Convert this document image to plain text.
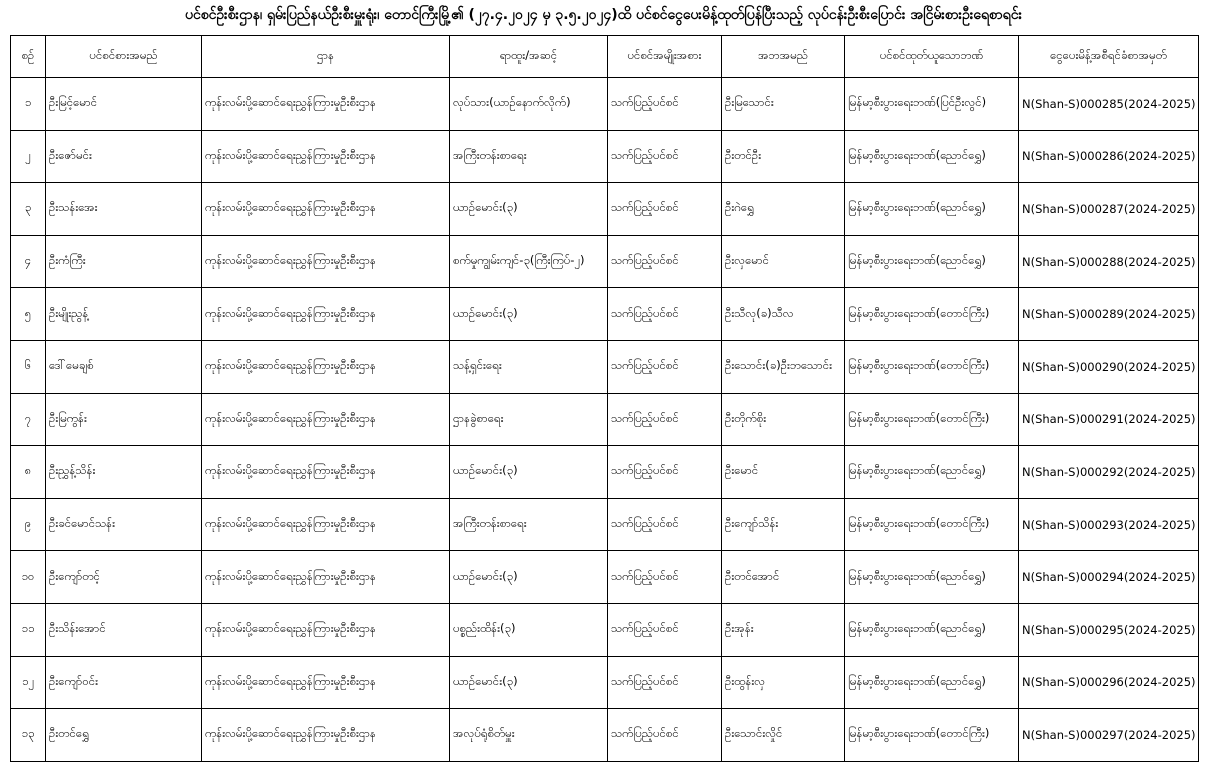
ပင်စင်ဦးစီးဌာန၊ ရှမ်းပြည်နယ်ဦးစီးမှူးရုံး၊ တောင်ကြီးမြို့၏ (၂၇.၄.၂၀၂၄ မှ ၃.၅.၂၀၂၄)ထိ ပင်စင်ငွေပေးမိန့်ထုတ်ပြန်ပြီးသည့် လုပ်ငန်းဦးစီးပြောင်း အငြိမ်းစားဦးရေစာရင်း
စဉ်	ပင်စင်စားအမည်	ဌာန	ရာထူး/အဆင့်	ပင်စင်အမျိုးအစား	အဘအမည်	ပင်စင်ထုတ်ယူသောဘဏ်	ငွေပေးမိန့်အစီရင်ခံစာအမှတ်
၁	ဦးမြင့်မောင်	ကုန်းလမ်းပို့ဆောင်ရေးညွှန်ကြားမှုဦးစီးဌာန	လုပ်သား(ယာဉ်နောက်လိုက်)	သက်ပြည့်ပင်စင်	ဦးမြသောင်း	မြန်မာ့စီးပွားရေးဘဏ်(ပြင်ဦးလွင်)	N(Shan-S)000285(2024-2025)
၂	ဦးဇော်မင်း	ကုန်းလမ်းပို့ဆောင်ရေးညွှန်ကြားမှုဦးစီးဌာန	အကြီးတန်းစာရေး	သက်ပြည့်ပင်စင်	ဦးတင်ဦး	မြန်မာ့စီးပွားရေးဘဏ်(ညောင်ရွှေ)	N(Shan-S)000286(2024-2025)
၃	ဦးသန်းအေး	ကုန်းလမ်းပို့ဆောင်ရေးညွှန်ကြားမှုဦးစီးဌာန	ယာဉ်မောင်း(၃)	သက်ပြည့်ပင်စင်	ဦးဂဲရွှေ	မြန်မာ့စီးပွားရေးဘဏ်(ညောင်ရွှေ)	N(Shan-S)000287(2024-2025)
၄	ဦးကံကြီး	ကုန်းလမ်းပို့ဆောင်ရေးညွှန်ကြားမှုဦးစီးဌာန	စက်မှုကျွမ်းကျင်-၃(ကြီးကြပ်-၂)	သက်ပြည့်ပင်စင်	ဦးလှမောင်	မြန်မာ့စီးပွားရေးဘဏ်(ညောင်ရွှေ)	N(Shan-S)000288(2024-2025)
၅	ဦးမျိုးညွန့်	ကုန်းလမ်းပို့ဆောင်ရေးညွှန်ကြားမှုဦးစီးဌာန	ယာဉ်မောင်း(၃)	သက်ပြည့်ပင်စင်	ဦးသီလု(ခ)သီလ	မြန်မာ့စီးပွားရေးဘဏ်(တောင်ကြီး)	N(Shan-S)000289(2024-2025)
၆	ဒေါ်မေချစ်	ကုန်းလမ်းပို့ဆောင်ရေးညွှန်ကြားမှုဦးစီးဌာန	သန့်ရှင်းရေး	သက်ပြည့်ပင်စင်	ဦးသောင်း(ခ)ဦးဘသောင်း	မြန်မာ့စီးပွားရေးဘဏ်(တောင်ကြီး)	N(Shan-S)000290(2024-2025)
၇	ဦးမြကွန်း	ကုန်းလမ်းပို့ဆောင်ရေးညွှန်ကြားမှုဦးစီးဌာန	ဌာနခွဲစာရေး	သက်ပြည့်ပင်စင်	ဦးတိုက်စိုး	မြန်မာ့စီးပွားရေးဘဏ်(တောင်ကြီး)	N(Shan-S)000291(2024-2025)
၈	ဦးညွှန့်သိန်း	ကုန်းလမ်းပို့ဆောင်ရေးညွှန်ကြားမှုဦးစီးဌာန	ယာဉ်မောင်း(၃)	သက်ပြည့်ပင်စင်	ဦးမောင်	မြန်မာ့စီးပွားရေးဘဏ်(ညောင်ရွှေ)	N(Shan-S)000292(2024-2025)
၉	ဦးခင်မောင်သန်း	ကုန်းလမ်းပို့ဆောင်ရေးညွှန်ကြားမှုဦးစီးဌာန	အကြီးတန်းစာရေး	သက်ပြည့်ပင်စင်	ဦးကျော်သိန်း	မြန်မာ့စီးပွားရေးဘဏ်(တောင်ကြီး)	N(Shan-S)000293(2024-2025)
၁၀	ဦးကျော်တင့်	ကုန်းလမ်းပို့ဆောင်ရေးညွှန်ကြားမှုဦးစီးဌာန	ယာဉ်မောင်း(၃)	သက်ပြည့်ပင်စင်	ဦးတင်အောင်	မြန်မာ့စီးပွားရေးဘဏ်(ညောင်ရွှေ)	N(Shan-S)000294(2024-2025)
၁၁	ဦးသိန်းအောင်	ကုန်းလမ်းပို့ဆောင်ရေးညွှန်ကြားမှုဦးစီးဌာန	ပစ္စည်းထိန်း(၃)	သက်ပြည့်ပင်စင်	ဦးအုန်း	မြန်မာ့စီးပွားရေးဘဏ်(ညောင်ရွှေ)	N(Shan-S)000295(2024-2025)
၁၂	ဦးကျော်ဝင်း	ကုန်းလမ်းပို့ဆောင်ရေးညွှန်ကြားမှုဦးစီးဌာန	ယာဉ်မောင်း(၃)	သက်ပြည့်ပင်စင်	ဦးထွန်းလှ	မြန်မာ့စီးပွားရေးဘဏ်(ညောင်ရွှေ)	N(Shan-S)000296(2024-2025)
၁၃	ဦးတင်ရွှေ	ကုန်းလမ်းပို့ဆောင်ရေးညွှန်ကြားမှုဦးစီးဌာန	အလုပ်ရုံစိတ်မှူး	သက်ပြည့်ပင်စင်	ဦးသောင်းလှိုင်	မြန်မာ့စီးပွားရေးဘဏ်(တောင်ကြီး)	N(Shan-S)000297(2024-2025)
